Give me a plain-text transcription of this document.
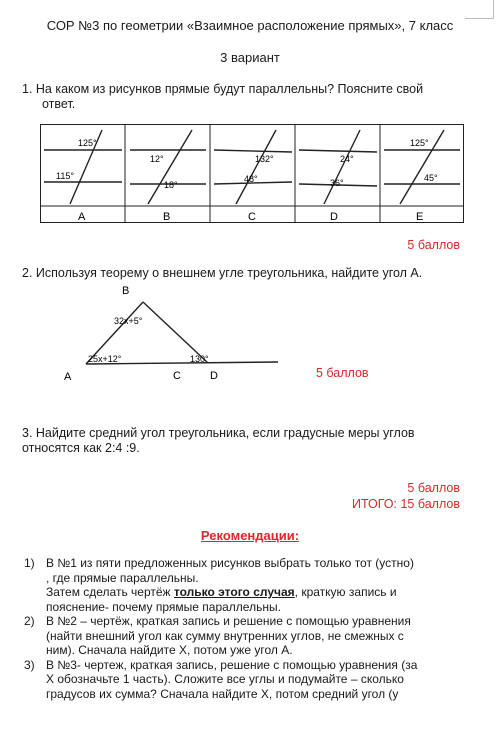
СОР №3 по геометрии «Взаимное расположение прямых», 7 класс
3 вариант
1. На каком из рисунков прямые будут параллельны? Поясните свой
ответ.
125°
115°
A
12°
18°
B
132°
48°
C
24°
36°
D
125°
45°
E
5 баллов
2. Используя теорему о внешнем угле треугольника, найдите угол A.
B
A	C	D
32x+5°
25x+12°	130°
5 баллов
3. Найдите средний угол треугольника, если градусные меры углов
относятся как 2:4 :9.
5 баллов
ИТОГО: 15 баллов
Рекомендации:
1) В №1 из пяти предложенных рисунков выбрать только тот (устно)
, где прямые параллельны.
Затем сделать чертёж только этого случая, краткую запись и
пояснение- почему прямые параллельны.
2) В №2 – чертёж, краткая запись и решение с помощью уравнения
(найти внешний угол как сумму внутренних углов, не смежных с
ним). Сначала найдите Х, потом уже угол А.
3) В №3- чертеж, краткая запись, решение с помощью уравнения (за
Х обозначьте 1 часть). Сложите все углы и подумайте – сколько
градусов их сумма? Сначала найдите Х, потом средний угол (у
